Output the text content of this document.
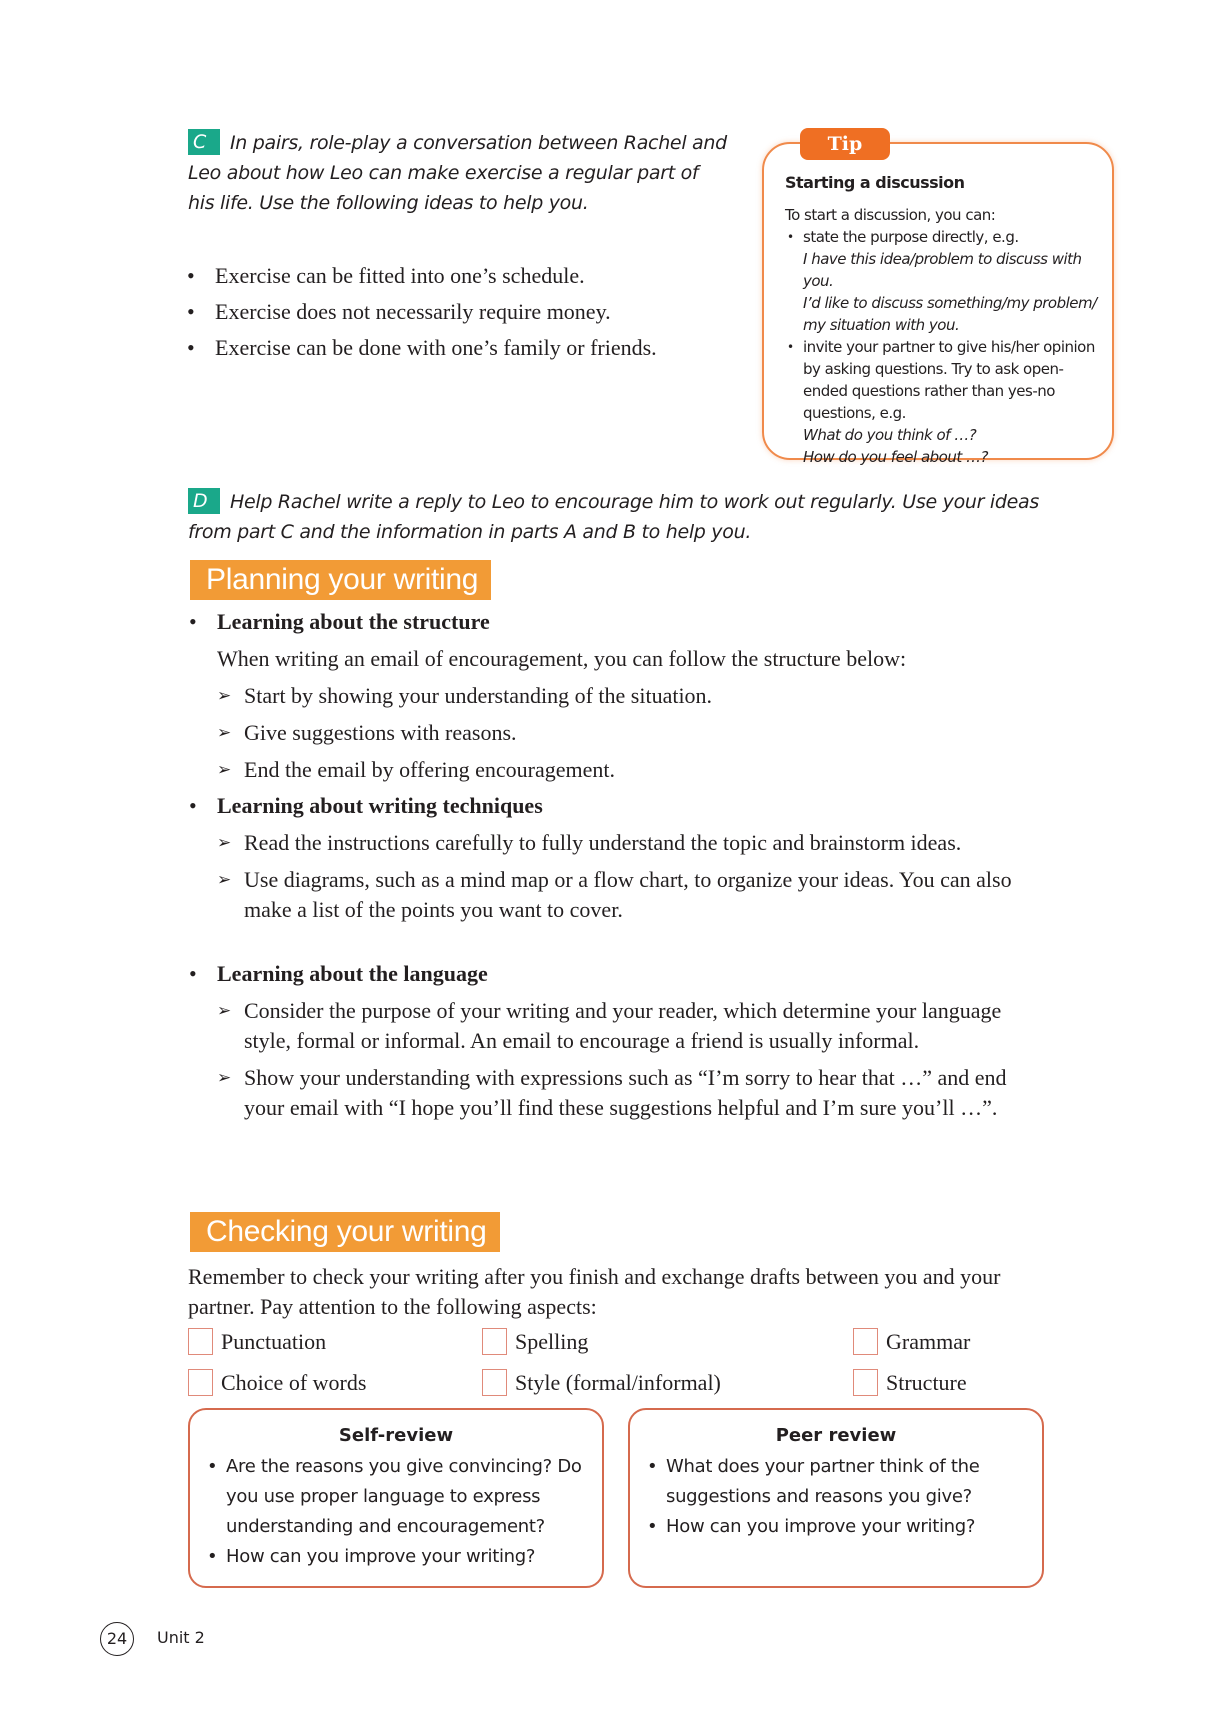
C In pairs, role-play a conversation between Rachel and Leo about how Leo can make exercise a regular part of his life. Use the following ideas to help you.
• Exercise can be fitted into one’s schedule.
• Exercise does not necessarily require money.
• Exercise can be done with one’s family or friends.
Tip
Starting a discussion
To start a discussion, you can:
• state the purpose directly, e.g.
I have this idea/problem to discuss with you.
I’d like to discuss something/my problem/ my situation with you.
• invite your partner to give his/her opinion by asking questions. Try to ask open-ended questions rather than yes-no questions, e.g.
What do you think of …?
How do you feel about …?
D Help Rachel write a reply to Leo to encourage him to work out regularly. Use your ideas from part C and the information in parts A and B to help you.
Planning your writing
• Learning about the structure
When writing an email of encouragement, you can follow the structure below:
➢ Start by showing your understanding of the situation.
➢ Give suggestions with reasons.
➢ End the email by offering encouragement.
• Learning about writing techniques
➢ Read the instructions carefully to fully understand the topic and brainstorm ideas.
➢ Use diagrams, such as a mind map or a flow chart, to organize your ideas. You can also make a list of the points you want to cover.
• Learning about the language
➢ Consider the purpose of your writing and your reader, which determine your language style, formal or informal. An email to encourage a friend is usually informal.
➢ Show your understanding with expressions such as “I’m sorry to hear that …” and end your email with “I hope you’ll find these suggestions helpful and I’m sure you’ll …”.
Checking your writing
Remember to check your writing after you finish and exchange drafts between you and your partner. Pay attention to the following aspects:
Punctuation	Spelling	Grammar
Choice of words	Style (formal/informal)	Structure
Self-review
• Are the reasons you give convincing? Do you use proper language to express understanding and encouragement?
• How can you improve your writing?
Peer review
• What does your partner think of the suggestions and reasons you give?
• How can you improve your writing?
24	Unit 2
